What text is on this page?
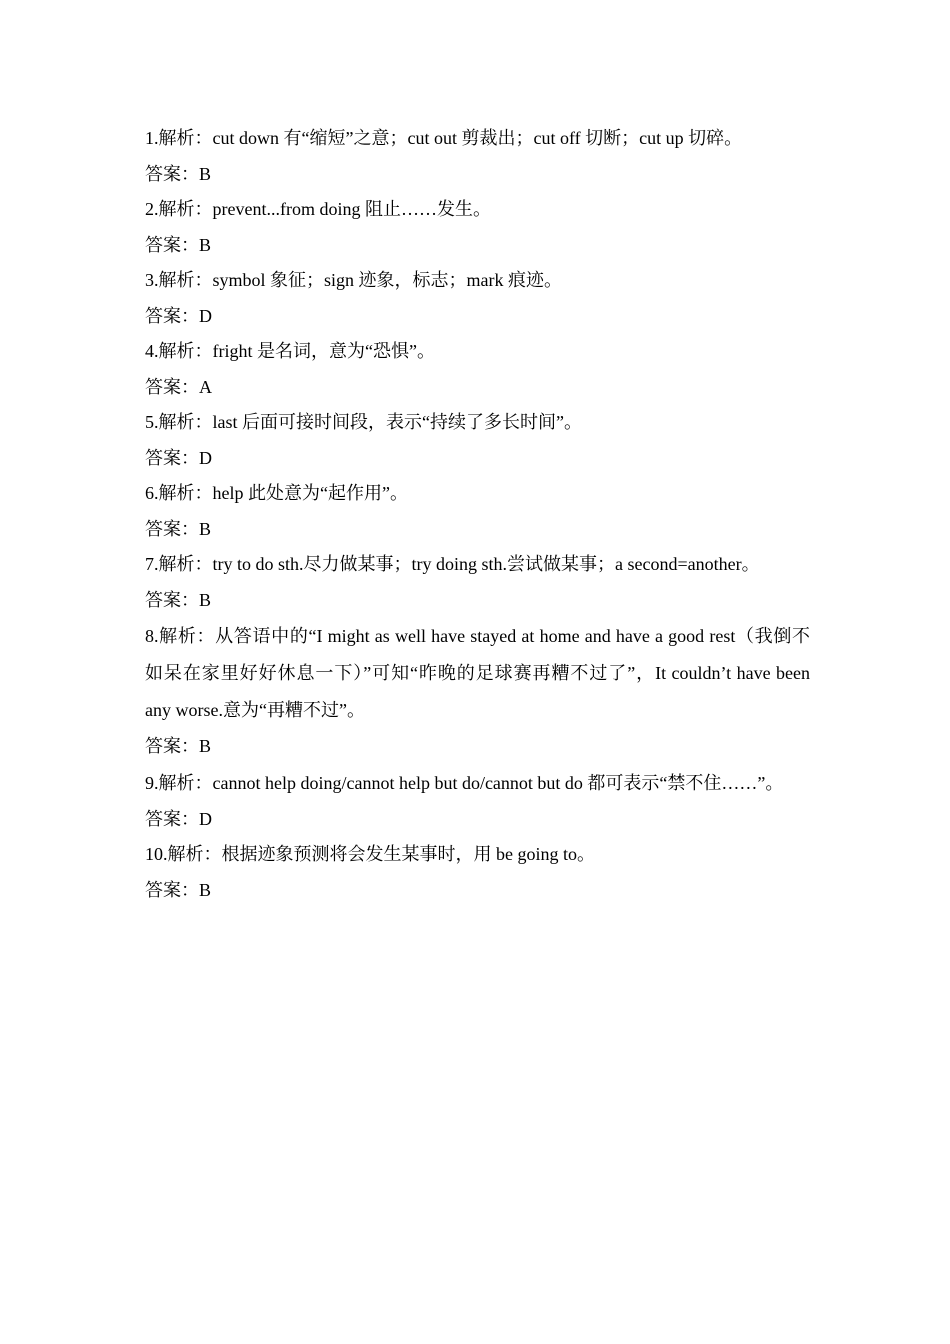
1.解析：cut down 有“缩短”之意；cut out 剪裁出；cut off 切断；cut up 切碎。
答案：B
2.解析：prevent...from doing 阻止……发生。
答案：B
3.解析：symbol 象征；sign 迹象，标志；mark 痕迹。
答案：D
4.解析：fright 是名词，意为“恐惧”。
答案：A
5.解析：last 后面可接时间段，表示“持续了多长时间”。
答案：D
6.解析：help 此处意为“起作用”。
答案：B
7.解析：try to do sth.尽力做某事；try doing sth.尝试做某事；a second=another。
答案：B
8.解析：从答语中的“I might as well have stayed at home and have a good rest（我倒不如呆在家里好好休息一下）”可知“昨晚的足球赛再糟不过了”，It couldn’t have been any worse.意为“再糟不过”。
答案：B
9.解析：cannot help doing/cannot help but do/cannot but do 都可表示“禁不住……”。
答案：D
10.解析：根据迹象预测将会发生某事时，用 be going to。
答案：B
